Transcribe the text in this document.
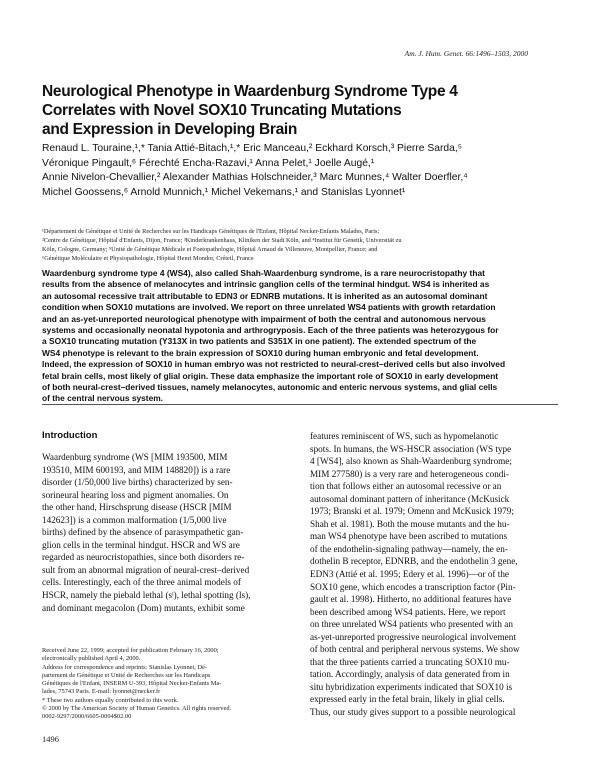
Am. J. Hum. Genet. 66:1496–1503, 2000
Neurological Phenotype in Waardenburg Syndrome Type 4
Correlates with Novel SOX10 Truncating Mutations
and Expression in Developing Brain
Renaud L. Touraine,¹,* Tania Attié-Bitach,¹,* Eric Manceau,² Eckhard Korsch,³ Pierre Sarda,⁵
Véronique Pingault,⁶ Férechté Encha-Razavi,¹ Anna Pelet,¹ Joelle Augé,¹
Annie Nivelon-Chevallier,² Alexander Mathias Holschneider,³ Marc Munnes,⁴ Walter Doerfler,⁴
Michel Goossens,⁶ Arnold Munnich,¹ Michel Vekemans,¹ and Stanislas Lyonnet¹
¹Département de Génétique et Unité de Recherches sur les Handicaps Génétiques de l'Enfant, Hôpital Necker-Enfants Malades, Paris;
²Centre de Génétique, Hôpital d'Enfants, Dijon, France; ³Kinderkrankenhaus, Kliniken der Stadt Köln, and ⁴Institut für Genetik, Universität zu
Köln, Cologne, Germany; ⁵Unité de Génétique Médicale et Foetopathologie, Hôpital Arnaud de Villeneuve, Montpellier, France; and
⁶Génétique Moléculaire et Physiopathologie, Hôpital Henri Mondor, Créteil, France
Waardenburg syndrome type 4 (WS4), also called Shah-Waardenburg syndrome, is a rare neurocristopathy that
results from the absence of melanocytes and intrinsic ganglion cells of the terminal hindgut. WS4 is inherited as
an autosomal recessive trait attributable to EDN3 or EDNRB mutations. It is inherited as an autosomal dominant
condition when SOX10 mutations are involved. We report on three unrelated WS4 patients with growth retardation
and an as-yet-unreported neurological phenotype with impairment of both the central and autonomous nervous
systems and occasionally neonatal hypotonia and arthrogryposis. Each of the three patients was heterozygous for
a SOX10 truncating mutation (Y313X in two patients and S351X in one patient). The extended spectrum of the
WS4 phenotype is relevant to the brain expression of SOX10 during human embryonic and fetal development.
Indeed, the expression of SOX10 in human embryo was not restricted to neural-crest–derived cells but also involved
fetal brain cells, most likely of glial origin. These data emphasize the important role of SOX10 in early development
of both neural-crest–derived tissues, namely melanocytes, autonomic and enteric nervous systems, and glial cells
of the central nervous system.
Introduction
Waardenburg syndrome (WS [MIM 193500, MIM
193510, MIM 600193, and MIM 148820]) is a rare
disorder (1/50,000 live births) characterized by sen-
sorineural hearing loss and pigment anomalies. On
the other hand, Hirschsprung disease (HSCR [MIM
142623]) is a common malformation (1/5,000 live
births) defined by the absence of parasympathetic gan-
glion cells in the terminal hindgut. HSCR and WS are
regarded as neurocristopathies, since both disorders re-
sult from an abnormal migration of neural-crest–derived
cells. Interestingly, each of the three animal models of
HSCR, namely the piebald lethal (sˡ), lethal spotting (ls),
and dominant megacolon (Dom) mutants, exhibit some
features reminiscent of WS, such as hypomelanotic
spots. In humans, the WS-HSCR association (WS type
4 [WS4], also known as Shah-Waardenburg syndrome;
MIM 277580) is a very rare and heterogeneous condi-
tion that follows either an autosomal recessive or an
autosomal dominant pattern of inheritance (McKusick
1973; Branski et al. 1979; Omenn and McKusick 1979;
Shah et al. 1981). Both the mouse mutants and the hu-
man WS4 phenotype have been ascribed to mutations
of the endothelin-signaling pathway—namely, the en-
dothelin B receptor, EDNRB, and the endothelin 3 gene,
EDN3 (Attié et al. 1995; Edery et al. 1996)—or of the
SOX10 gene, which encodes a transcription factor (Pin-
gault et al. 1998). Hitherto, no additional features have
been described among WS4 patients. Here, we report
on three unrelated WS4 patients who presented with an
as-yet-unreported progressive neurological involvement
of both central and peripheral nervous systems. We show
that the three patients carried a truncating SOX10 mu-
tation. Accordingly, analysis of data generated from in
situ hybridization experiments indicated that SOX10 is
expressed early in the fetal brain, likely in glial cells.
Thus, our study gives support to a possible neurological
Received June 22, 1999; accepted for publication February 16, 2000;
electronically published April 4, 2000.
Address for correspondence and reprints: Stanislas Lyonnet, Dé-
partement de Génétique et Unité de Recherches sur les Handicaps
Génétiques de l'Enfant, INSERM U-393, Hôpital Necker-Enfants Ma-
lades, 75743 Paris. E-mail: lyonnet@necker.fr
* These two authors equally contributed to this work.
© 2000 by The American Society of Human Genetics. All rights reserved.
0002-9297/2000/6605-0004$02.00
1496
